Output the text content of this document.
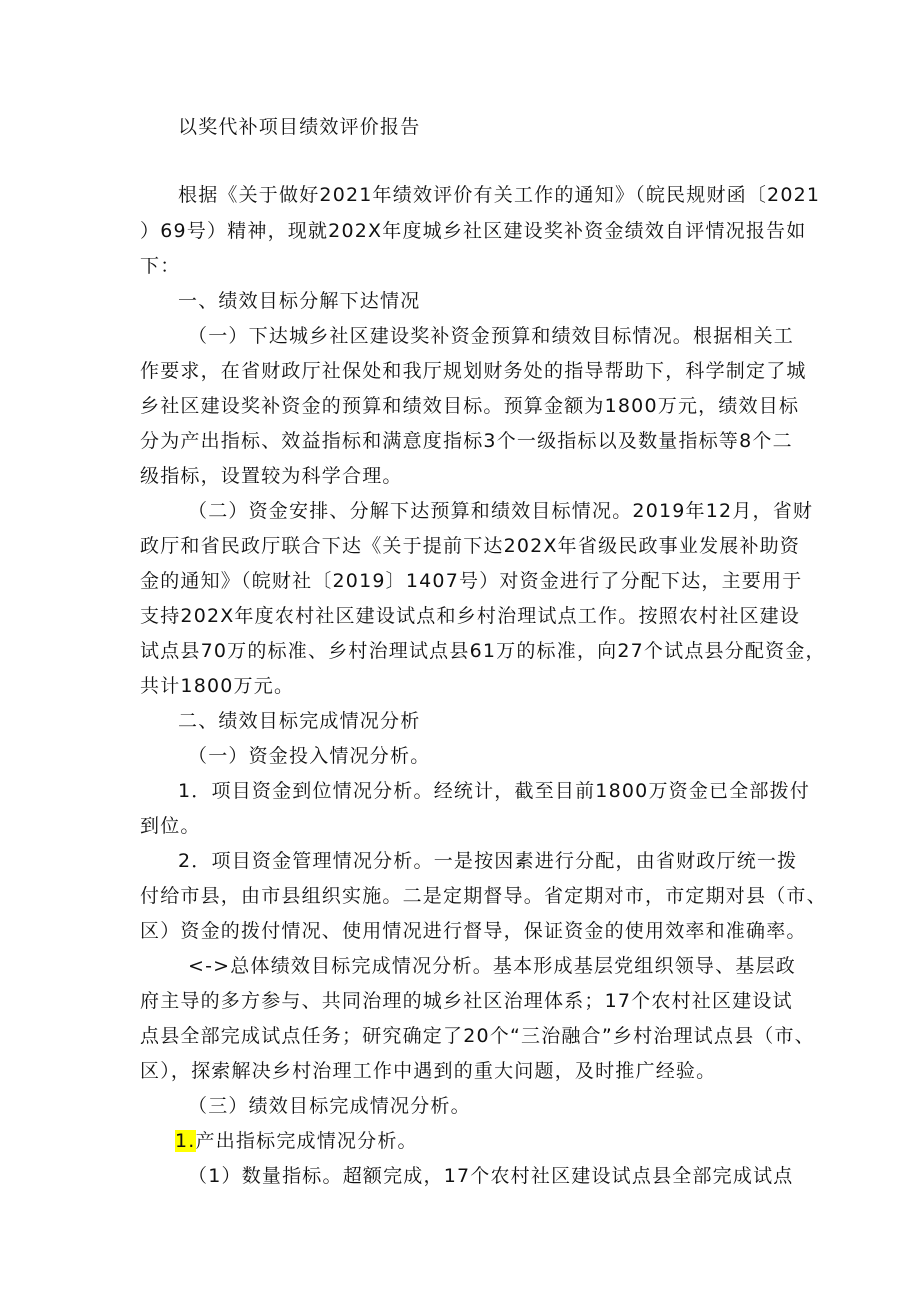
以奖代补项目绩效评价报告
根据《关于做好2021年绩效评价有关工作的通知》（皖民规财函〔2021
）69号）精神，现就202X年度城乡社区建设奖补资金绩效自评情况报告如
下：
一、绩效目标分解下达情况
（一）下达城乡社区建设奖补资金预算和绩效目标情况。根据相关工
作要求，在省财政厅社保处和我厅规划财务处的指导帮助下，科学制定了城
乡社区建设奖补资金的预算和绩效目标。预算金额为1800万元，绩效目标
分为产出指标、效益指标和满意度指标3个一级指标以及数量指标等8个二
级指标，设置较为科学合理。
（二）资金安排、分解下达预算和绩效目标情况。2019年12月，省财
政厅和省民政厅联合下达《关于提前下达202X年省级民政事业发展补助资
金的通知》（皖财社〔2019〕1407号）对资金进行了分配下达，主要用于
支持202X年度农村社区建设试点和乡村治理试点工作。按照农村社区建设
试点县70万的标准、乡村治理试点县61万的标准，向27个试点县分配资金，
共计1800万元。
二、绩效目标完成情况分析
（一）资金投入情况分析。
1．项目资金到位情况分析。经统计，截至目前1800万资金已全部拨付
到位。
2．项目资金管理情况分析。一是按因素进行分配，由省财政厅统一拨
付给市县，由市县组织实施。二是定期督导。省定期对市，市定期对县（市、
区）资金的拨付情况、使用情况进行督导，保证资金的使用效率和准确率。
<->总体绩效目标完成情况分析。基本形成基层党组织领导、基层政
府主导的多方参与、共同治理的城乡社区治理体系；17个农村社区建设试
点县全部完成试点任务；研究确定了20个“三治融合”乡村治理试点县（市、
区），探索解决乡村治理工作中遇到的重大问题，及时推广经验。
（三）绩效目标完成情况分析。
1.产出指标完成情况分析。
（1）数量指标。超额完成，17个农村社区建设试点县全部完成试点
